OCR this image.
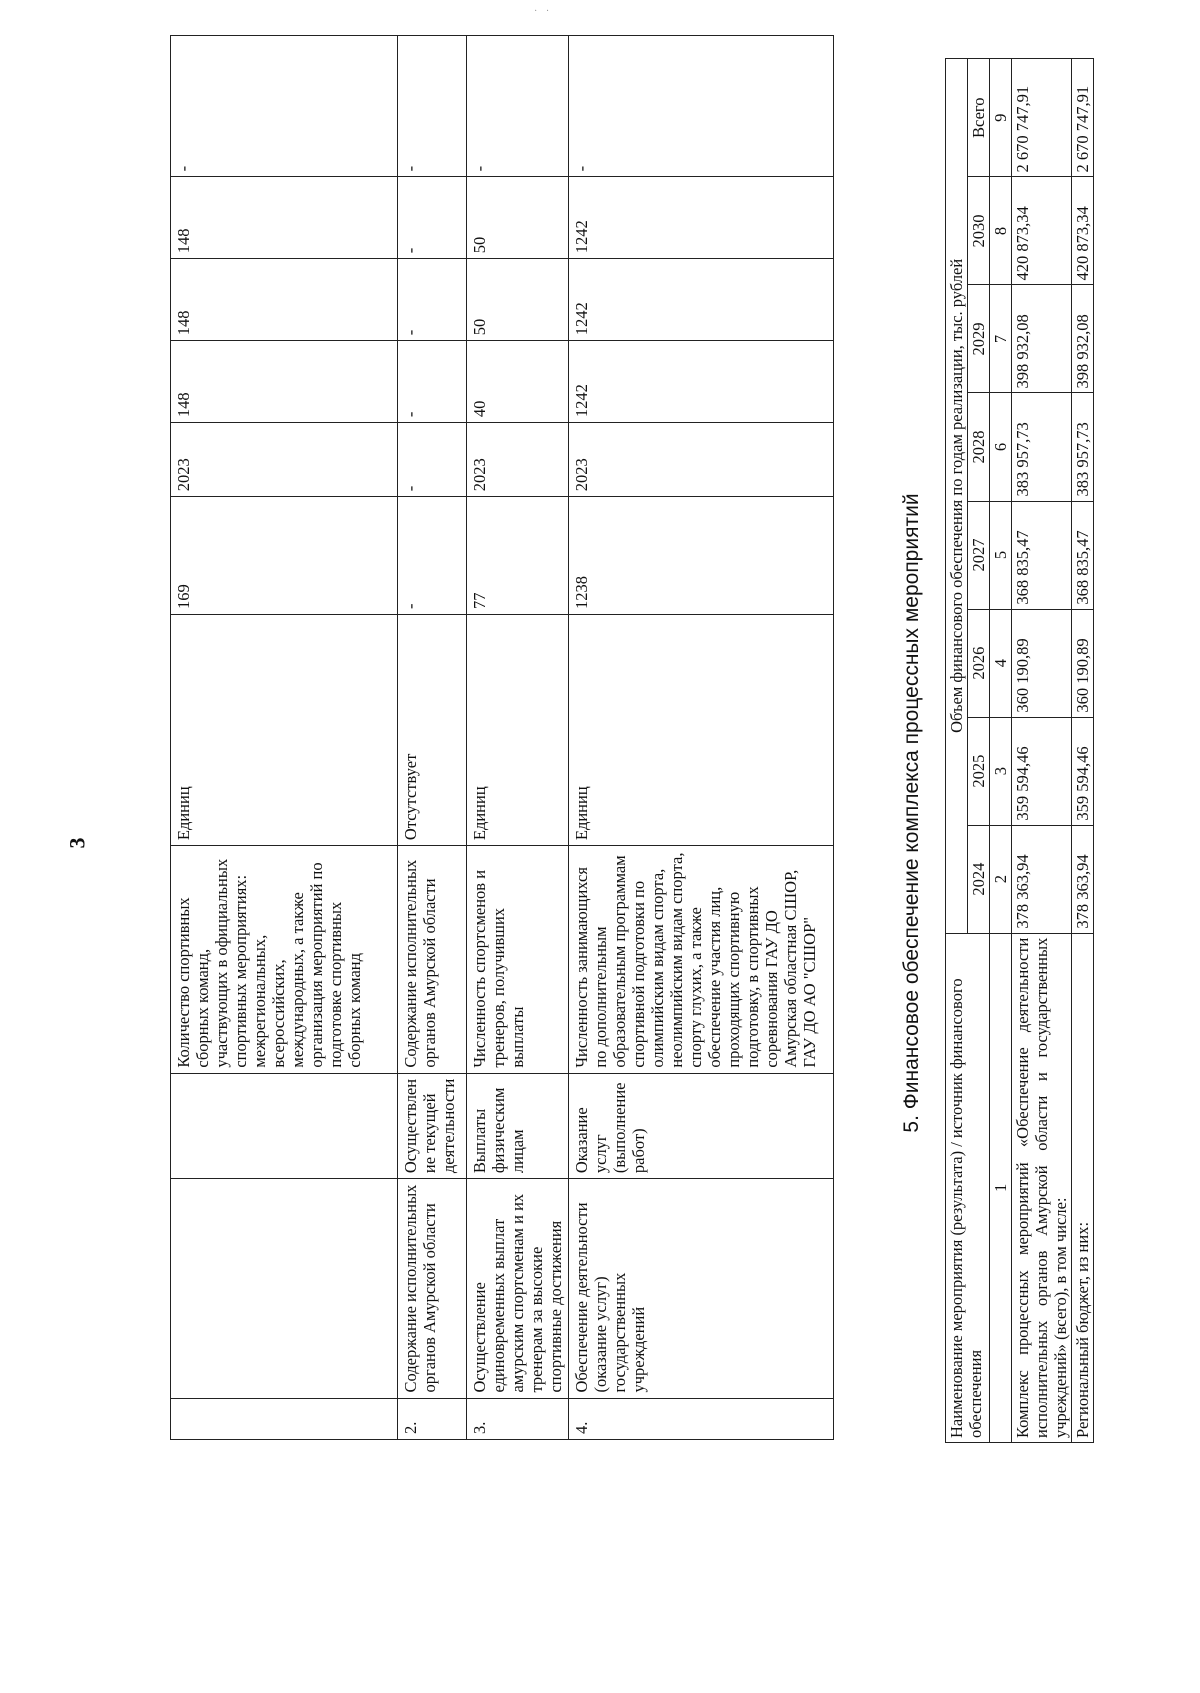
· ·
3
			Количество спортивных сборных команд, участвующих в официальных спортивных мероприятиях: межрегиональных, всероссийских, международных, а также организация мероприятий по подготовке спортивных сборных команд	Единиц	169	2023	148	148	148	-
2.	Содержание исполнительных органов Амурской области	Осуществлен ие текущей деятельности	Содержание исполнительных органов Амурской области	Отсутствует	-	-	-	-	-	-
3.	Осуществление единовременных выплат амурским спортсменам и их тренерам за высокие спортивные достижения	Выплаты физическим лицам	Численность спортсменов и тренеров, получивших выплаты	Единиц	77	2023	40	50	50	-
4.	Обеспечение деятельности (оказание услуг) государственных учреждений	Оказание услуг (выполнение работ)	Численность занимающихся по дополнительным образовательным программам спортивной подготовки по олимпийским видам спорта, неолимпийским видам спорта, спорту глухих, а также обеспечение участия лиц, проходящих спортивную подготовку, в спортивных соревнования ГАУ ДО Амурская областная СШОР, ГАУ ДО АО "СШОР"	Единиц	1238	2023	1242	1242	1242	-
5. Финансовое обеспечение комплекса процессных мероприятий
Наименование мероприятия (результата) / источник финансового обеспечения	Объем финансового обеспечения по годам реализации, тыс. рублей							
	2024	2025	2026	2027	2028	2029	2030	Всего
1	2	3	4	5	6	7	8	9
Комплекс процессных мероприятий «Обеспечение деятельности исполнительных органов Амурской области и государственных учреждений» (всего), в том числе:	378 363,94	359 594,46	360 190,89	368 835,47	383 957,73	398 932,08	420 873,34	2 670 747,91
Региональный бюджет, из них:	378 363,94	359 594,46	360 190,89	368 835,47	383 957,73	398 932,08	420 873,34	2 670 747,91
